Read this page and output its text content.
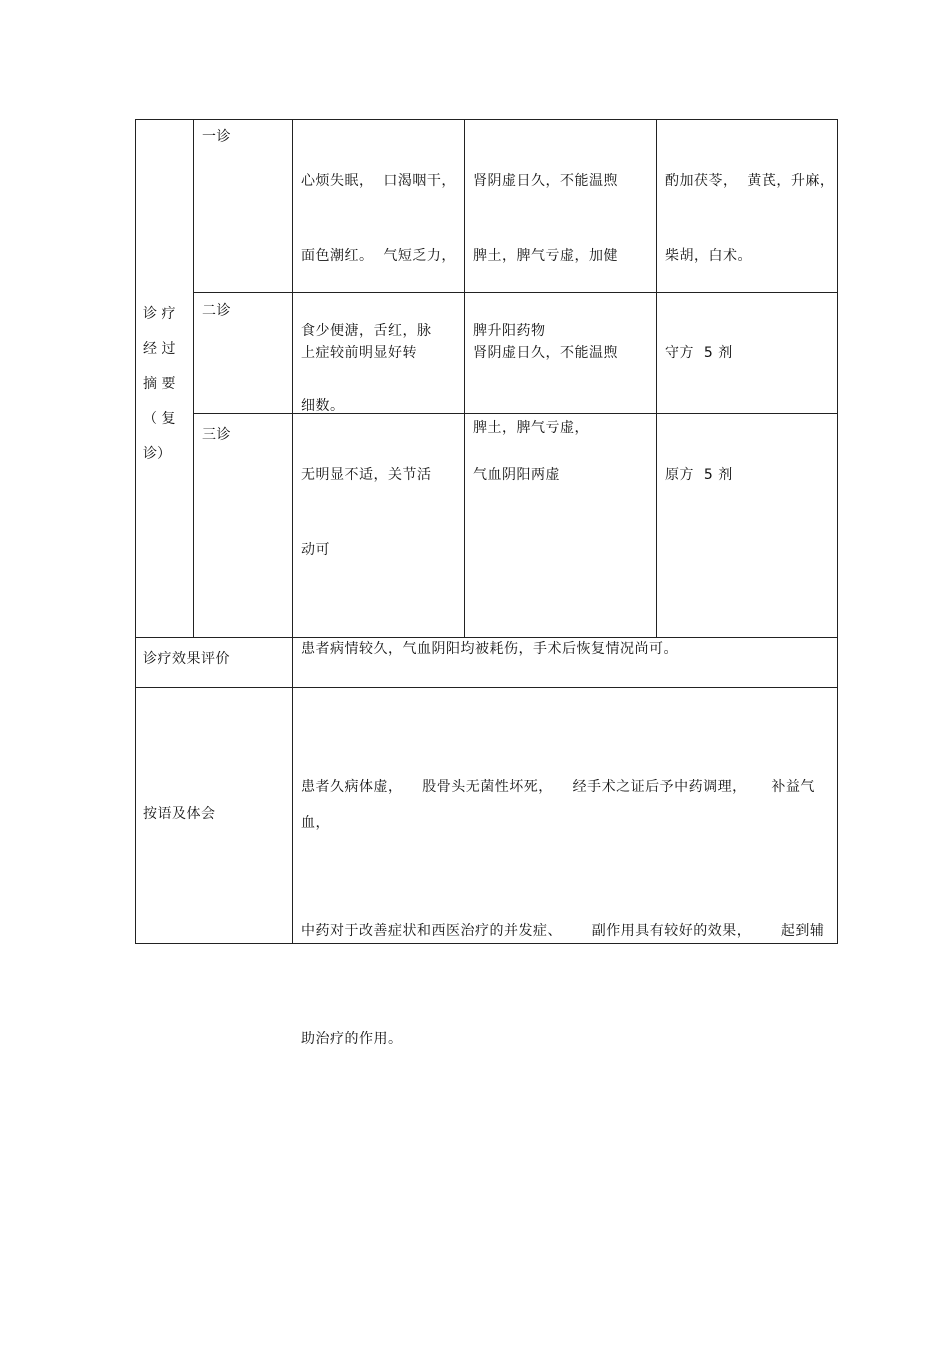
诊 疗
经 过
摘 要
（ 复
诊）
一诊

心烦失眠，  口渴咽干，

面色潮红。  气短乏力，

食少便溏，舌红，脉

细数。

肾阴虚日久，不能温煦

脾土，脾气亏虚，加健

脾升阳药物

酌加茯苓，  黄芪，升麻，

柴胡，白术。

二诊

上症较前明显好转

	肾阴虚日久，不能温煦

脾土，脾气亏虚，

守方  5 剂

三诊

无明显不适，关节活

动可

气血阴阳两虚

	原方  5 剂

诊疗效果评价
患者病情较久，气血阴阳均被耗伤，手术后恢复情况尚可。
按语及体会

患者久病体虚，    股骨头无菌性坏死，    经手术之证后予中药调理，     补益气血，

中药对于改善症状和西医治疗的并发症、      副作用具有较好的效果，      起到辅

助治疗的作用。
